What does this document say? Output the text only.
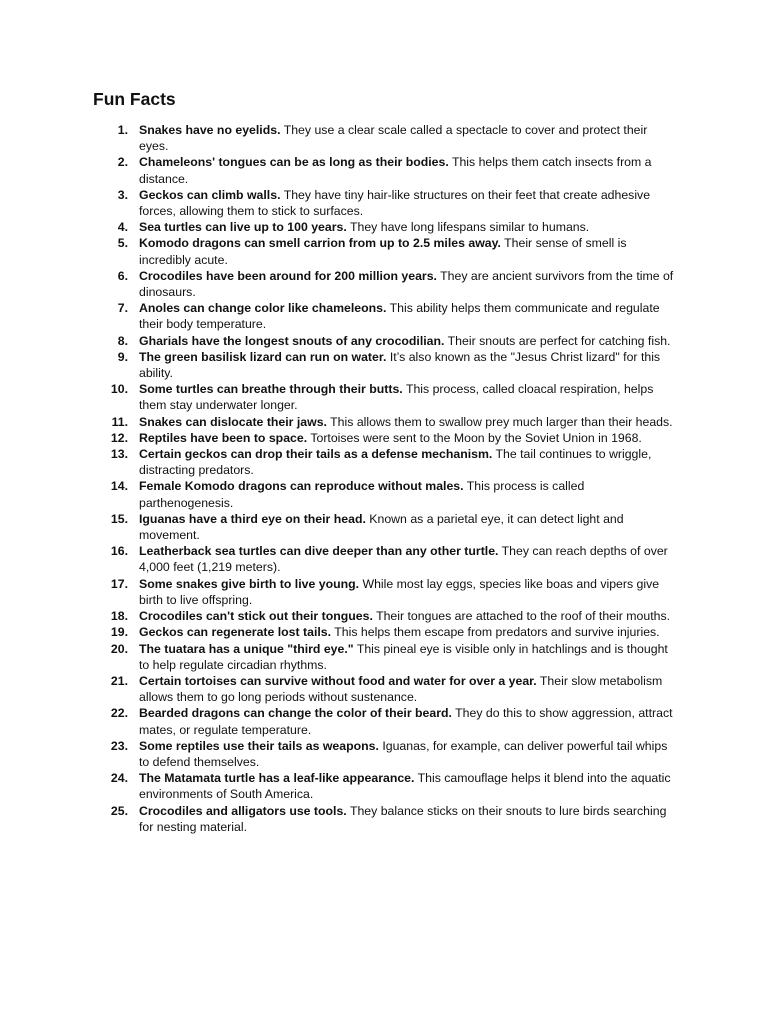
Fun Facts
1. Snakes have no eyelids. They use a clear scale called a spectacle to cover and protect their eyes.
2. Chameleons' tongues can be as long as their bodies. This helps them catch insects from a distance.
3. Geckos can climb walls. They have tiny hair-like structures on their feet that create adhesive forces, allowing them to stick to surfaces.
4. Sea turtles can live up to 100 years. They have long lifespans similar to humans.
5. Komodo dragons can smell carrion from up to 2.5 miles away. Their sense of smell is incredibly acute.
6. Crocodiles have been around for 200 million years. They are ancient survivors from the time of dinosaurs.
7. Anoles can change color like chameleons. This ability helps them communicate and regulate their body temperature.
8. Gharials have the longest snouts of any crocodilian. Their snouts are perfect for catching fish.
9. The green basilisk lizard can run on water. It’s also known as the "Jesus Christ lizard" for this ability.
10. Some turtles can breathe through their butts. This process, called cloacal respiration, helps them stay underwater longer.
11. Snakes can dislocate their jaws. This allows them to swallow prey much larger than their heads.
12. Reptiles have been to space. Tortoises were sent to the Moon by the Soviet Union in 1968.
13. Certain geckos can drop their tails as a defense mechanism. The tail continues to wriggle, distracting predators.
14. Female Komodo dragons can reproduce without males. This process is called parthenogenesis.
15. Iguanas have a third eye on their head. Known as a parietal eye, it can detect light and movement.
16. Leatherback sea turtles can dive deeper than any other turtle. They can reach depths of over 4,000 feet (1,219 meters).
17. Some snakes give birth to live young. While most lay eggs, species like boas and vipers give birth to live offspring.
18. Crocodiles can't stick out their tongues. Their tongues are attached to the roof of their mouths.
19. Geckos can regenerate lost tails. This helps them escape from predators and survive injuries.
20. The tuatara has a unique "third eye." This pineal eye is visible only in hatchlings and is thought to help regulate circadian rhythms.
21. Certain tortoises can survive without food and water for over a year. Their slow metabolism allows them to go long periods without sustenance.
22. Bearded dragons can change the color of their beard. They do this to show aggression, attract mates, or regulate temperature.
23. Some reptiles use their tails as weapons. Iguanas, for example, can deliver powerful tail whips to defend themselves.
24. The Matamata turtle has a leaf-like appearance. This camouflage helps it blend into the aquatic environments of South America.
25. Crocodiles and alligators use tools. They balance sticks on their snouts to lure birds searching for nesting material.
